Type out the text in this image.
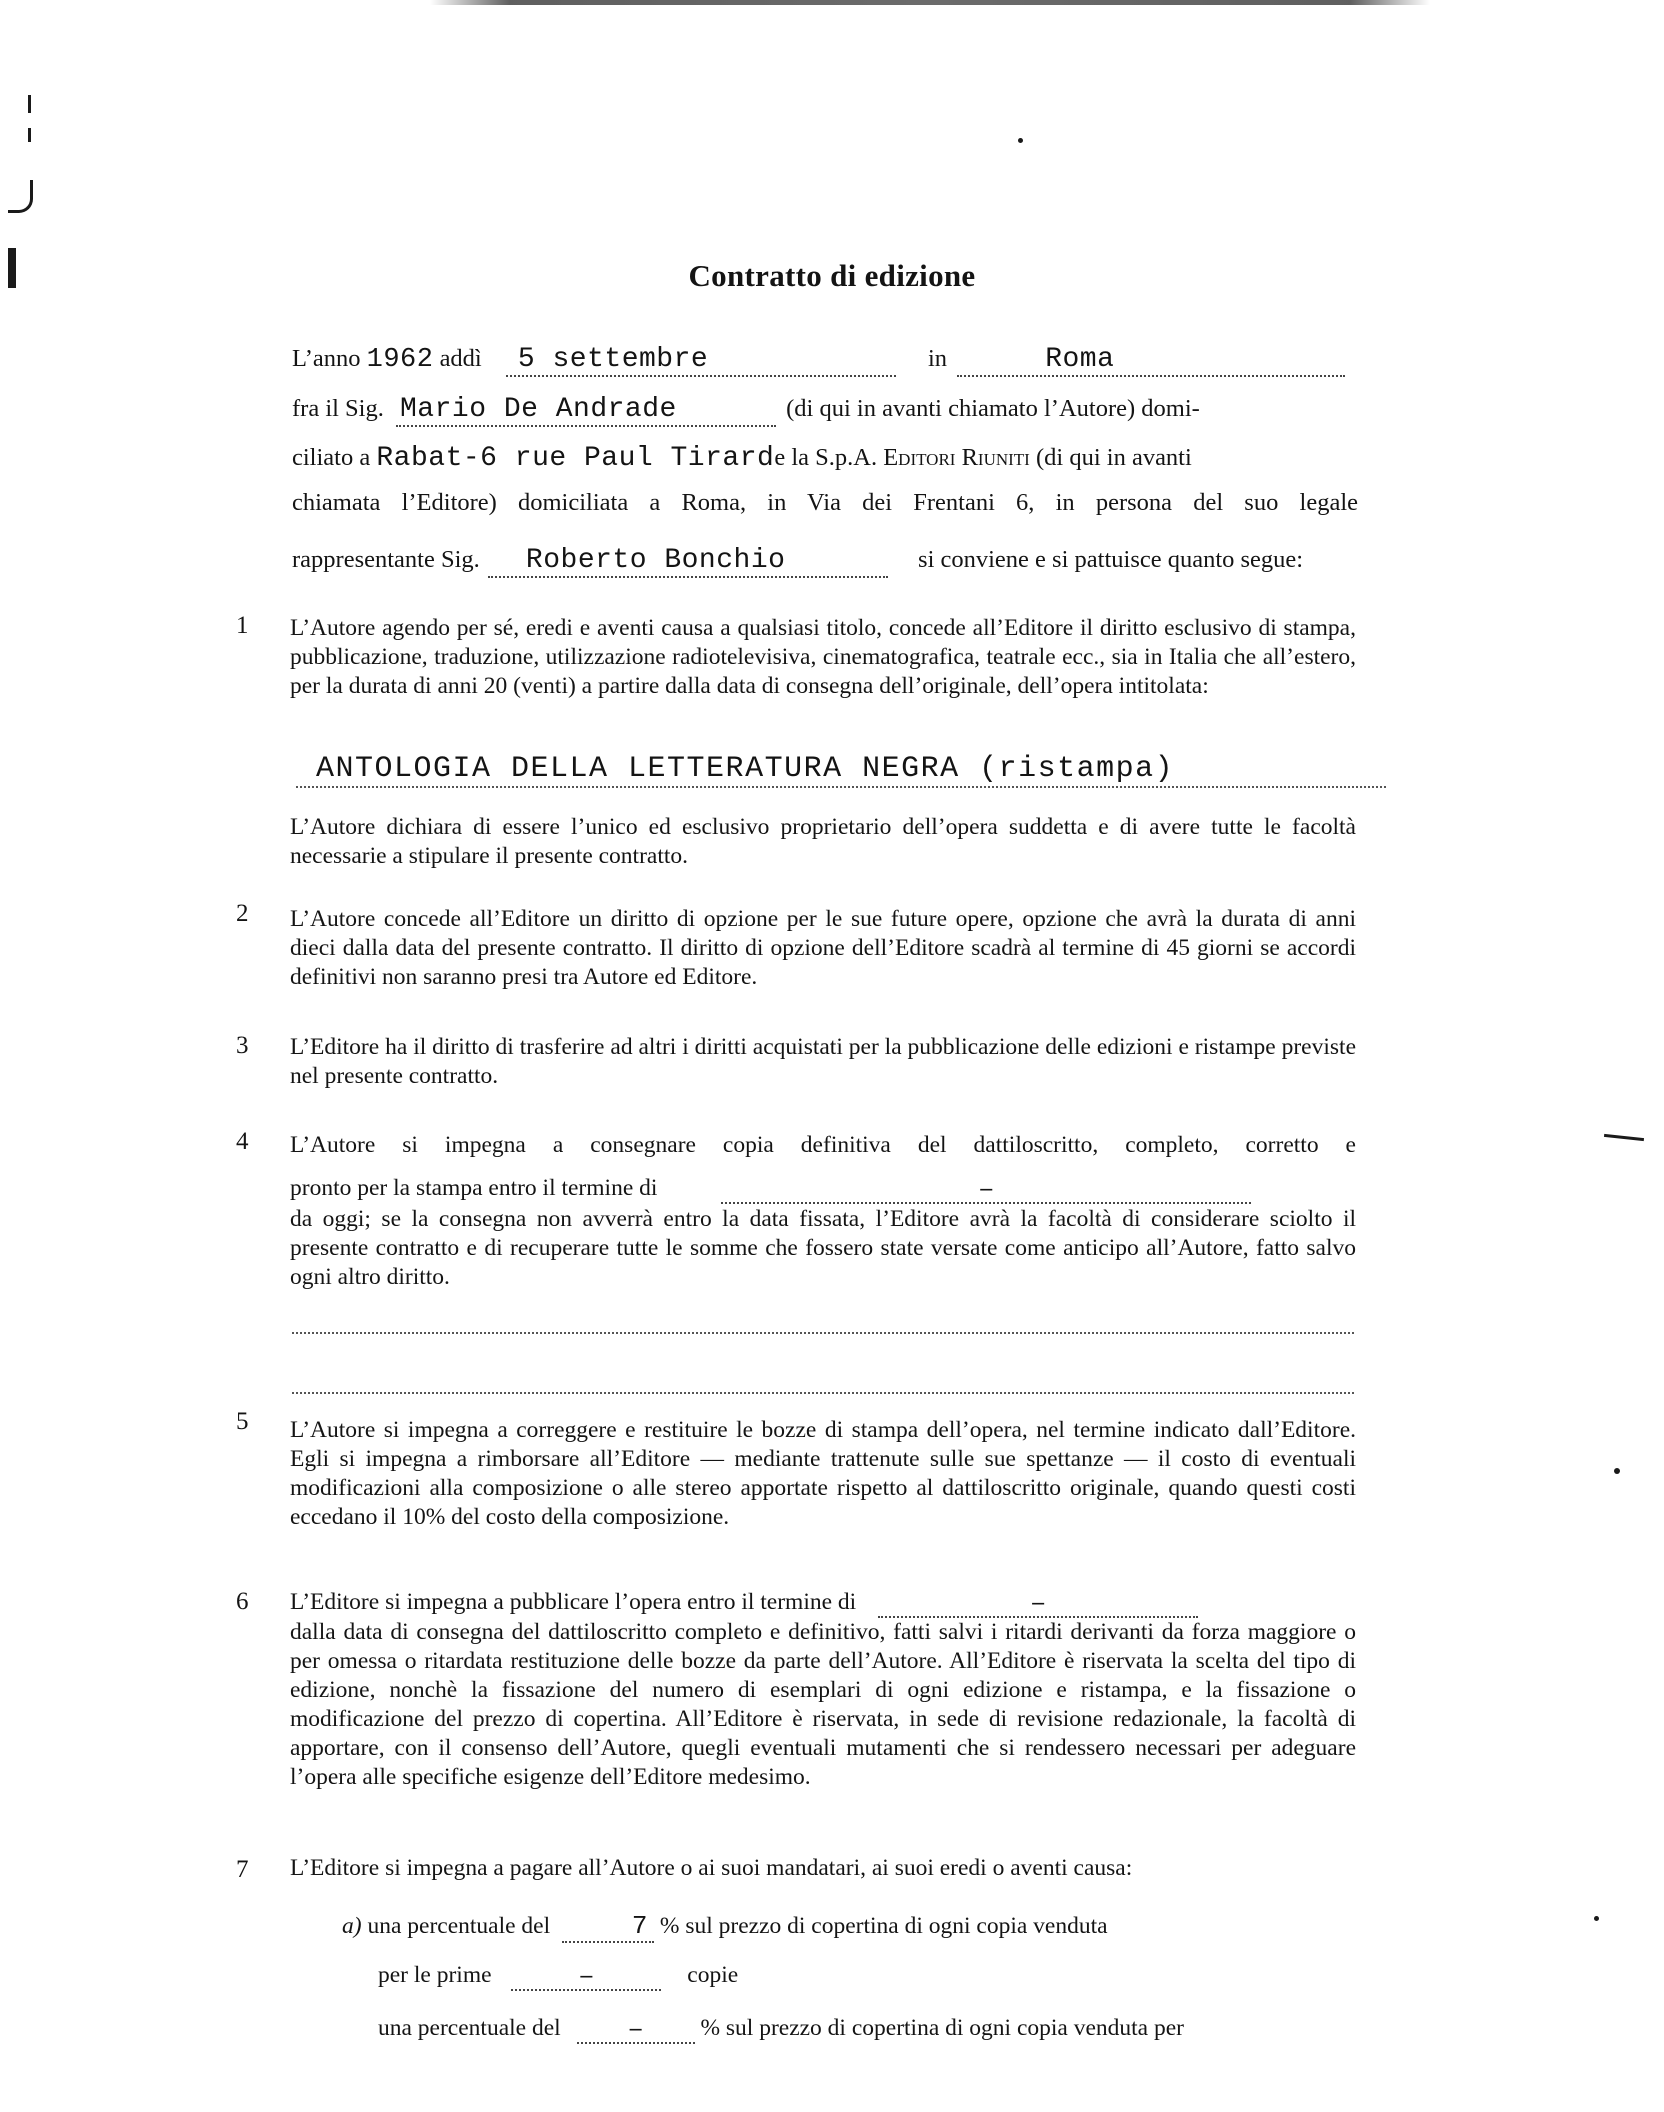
Contratto di edizione
L’anno 1962 addì 5 settembre	in	Roma
fra il Sig. Mario De Andrade	(di qui in avanti chiamato l’Autore) domi-
ciliato a Rabat-6 rue Paul Tirarde la S.p.A. Editori Riuniti (di qui in avanti
chiamata l’Editore) domiciliata a Roma, in Via dei Frentani 6, in persona del suo legale
rappresentante Sig. Roberto Bonchio	si conviene e si pattuisce quanto segue:
1 L’Autore agendo per sé, eredi e aventi causa a qualsiasi titolo, concede all’Editore il diritto esclusivo di stampa, pubblicazione, traduzione, utilizzazione radiotelevisiva, cinematografica, teatrale ecc., sia in Italia che all’estero, per la durata di anni 20 (venti) a partire dalla data di consegna dell’originale, dell’opera intitolata:
ANTOLOGIA DELLA LETTERATURA NEGRA (ristampa)
L’Autore dichiara di essere l’unico ed esclusivo proprietario dell’opera suddetta e di avere tutte le facoltà necessarie a stipulare il presente contratto.
2 L’Autore concede all’Editore un diritto di opzione per le sue future opere, opzione che avrà la durata di anni dieci dalla data del presente contratto. Il diritto di opzione dell’Editore scadrà al termine di 45 giorni se accordi definitivi non saranno presi tra Autore ed Editore.
3 L’Editore ha il diritto di trasferire ad altri i diritti acquistati per la pubblicazione delle edizioni e ristampe previste nel presente contratto.
4 L’Autore si impegna a consegnare copia definitiva del dattiloscritto, completo, corretto e
pronto per la stampa entro il termine di	–
da oggi; se la consegna non avverrà entro la data fissata, l’Editore avrà la facoltà di considerare sciolto il presente contratto e di recuperare tutte le somme che fossero state versate come anticipo all’Autore, fatto salvo ogni altro diritto.
5 L’Autore si impegna a correggere e restituire le bozze di stampa dell’opera, nel termine indicato dall’Editore. Egli si impegna a rimborsare all’Editore — mediante trattenute sulle sue spettanze — il costo di eventuali modificazioni alla composizione o alle stereo apportate rispetto al dattiloscritto originale, quando questi costi eccedano il 10% del costo della composizione.
6 L’Editore si impegna a pubblicare l’opera entro il termine di	–
dalla data di consegna del dattiloscritto completo e definitivo, fatti salvi i ritardi derivanti da forza maggiore o per omessa o ritardata restituzione delle bozze da parte dell’Autore. All’Editore è riservata la scelta del tipo di edizione, nonchè la fissazione del numero di esemplari di ogni edizione e ristampa, e la fissazione o modificazione del prezzo di copertina. All’Editore è riservata, in sede di revisione redazionale, la facoltà di apportare, con il consenso dell’Autore, quegli eventuali mutamenti che si rendessero necessari per adeguare l’opera alle specifiche esigenze dell’Editore medesimo.
7 L’Editore si impegna a pagare all’Autore o ai suoi mandatari, ai suoi eredi o aventi causa:
a) una percentuale del	7 % sul prezzo di copertina di ogni copia venduta
per le prime	–	copie
una percentuale del	–	% sul prezzo di copertina di ogni copia venduta per
